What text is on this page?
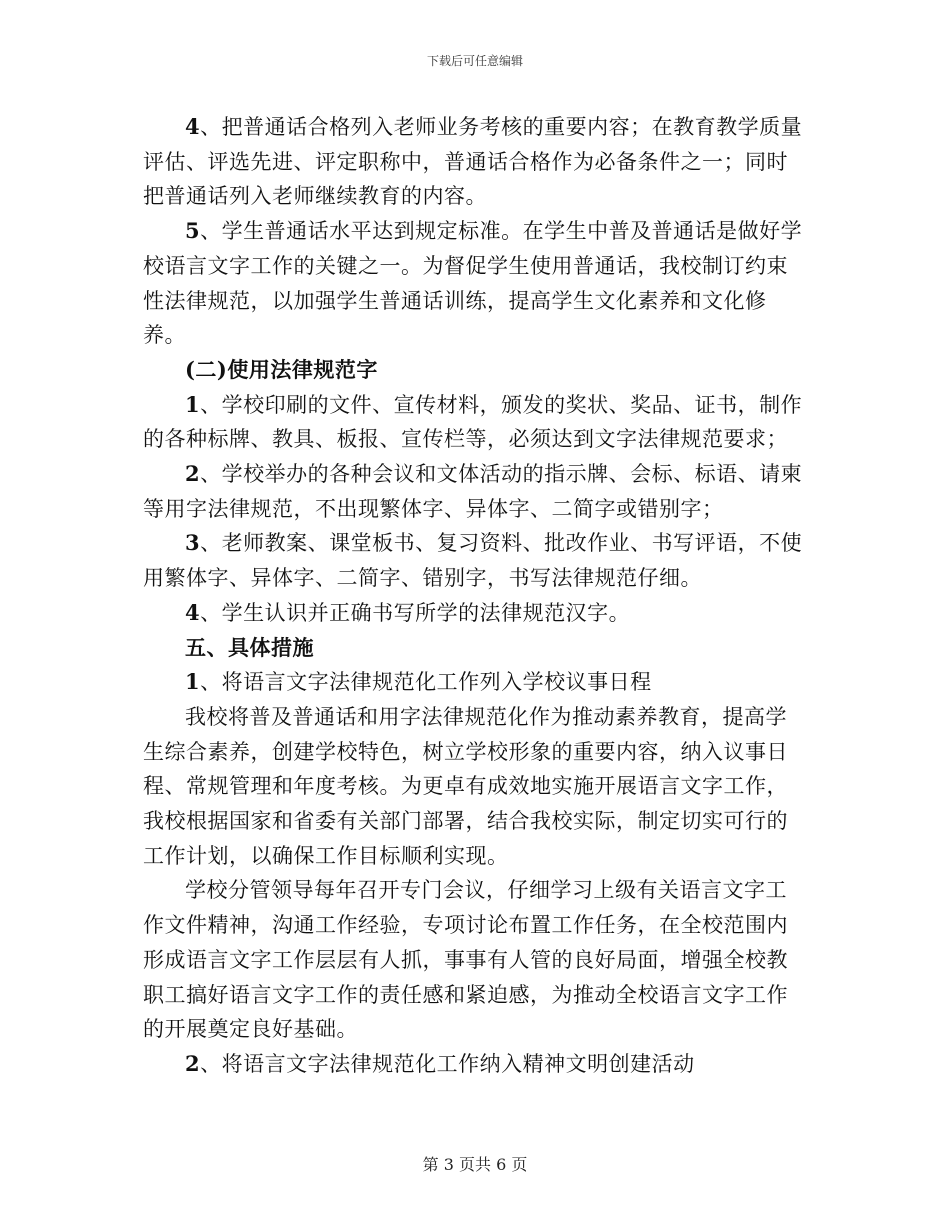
下载后可任意编辑

4、把普通话合格列入老师业务考核的重要内容；在教育教学质量评估、评选先进、评定职称中，普通话合格作为必备条件之一；同时把普通话列入老师继续教育的内容。

5、学生普通话水平达到规定标准。在学生中普及普通话是做好学校语言文字工作的关键之一。为督促学生使用普通话，我校制订约束性法律规范，以加强学生普通话训练，提高学生文化素养和文化修养。

(二)使用法律规范字

1、学校印刷的文件、宣传材料，颁发的奖状、奖品、证书，制作的各种标牌、教具、板报、宣传栏等，必须达到文字法律规范要求；

2、学校举办的各种会议和文体活动的指示牌、会标、标语、请柬等用字法律规范，不出现繁体字、异体字、二简字或错别字；

3、老师教案、课堂板书、复习资料、批改作业、书写评语，不使用繁体字、异体字、二简字、错别字，书写法律规范仔细。

4、学生认识并正确书写所学的法律规范汉字。

五、具体措施

1、将语言文字法律规范化工作列入学校议事日程

我校将普及普通话和用字法律规范化作为推动素养教育，提高学生综合素养，创建学校特色，树立学校形象的重要内容，纳入议事日程、常规管理和年度考核。为更卓有成效地实施开展语言文字工作，我校根据国家和省委有关部门部署，结合我校实际，制定切实可行的工作计划，以确保工作目标顺利实现。

学校分管领导每年召开专门会议，仔细学习上级有关语言文字工作文件精神，沟通工作经验，专项讨论布置工作任务，在全校范围内形成语言文字工作层层有人抓，事事有人管的良好局面，增强全校教职工搞好语言文字工作的责任感和紧迫感，为推动全校语言文字工作的开展奠定良好基础。

2、将语言文字法律规范化工作纳入精神文明创建活动

第 3 页共 6 页
